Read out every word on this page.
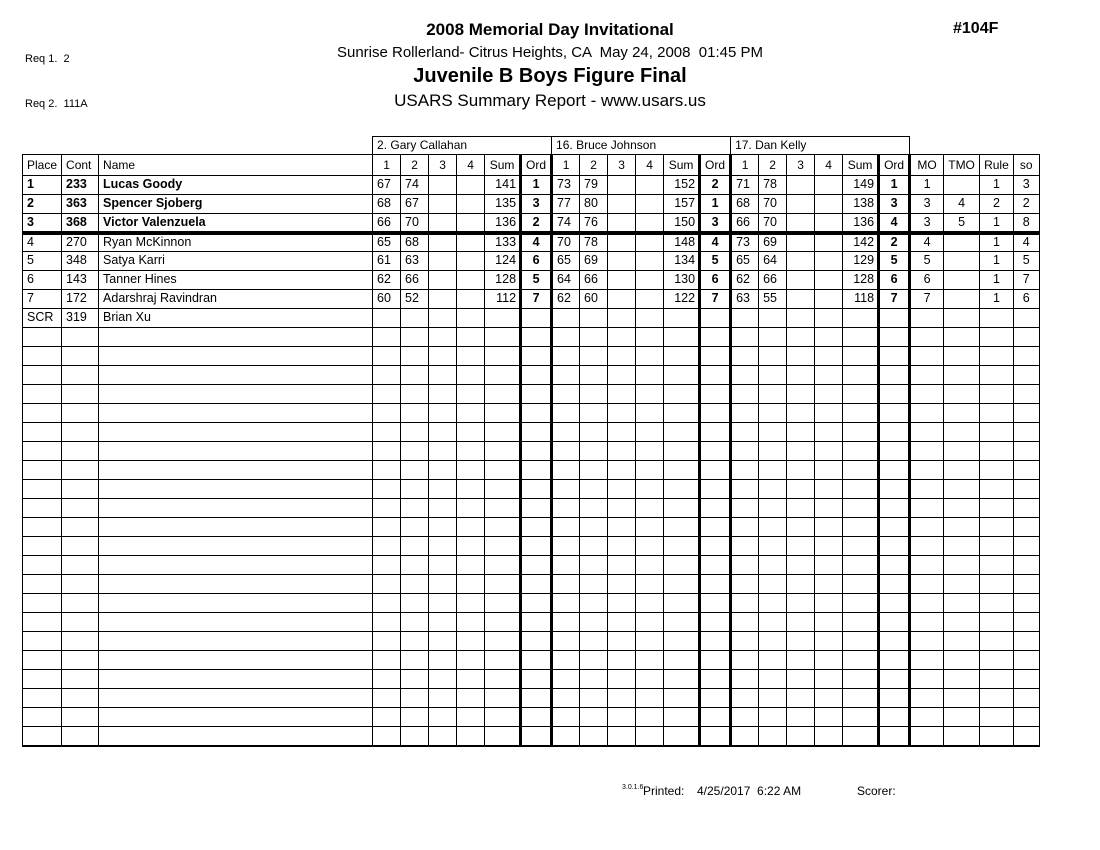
Req 1.  2

Req 2.  111A

#104F
2008 Memorial Day Invitational
Sunrise Rollerland- Citrus Heights, CA  May 24, 2008  01:45 PM
Juvenile B Boys Figure Final
USARS Summary Report - www.usars.us
			2. Gary Callahan						16. Bruce Johnson						17. Dan Kelly									
Place	Cont	Name	1	2	3	4	Sum	Ord	1	2	3	4	Sum	Ord	1	2	3	4	Sum	Ord	MO	TMO	Rule	so
1	233	Lucas Goody	67	74			141	1	73	79			152	2	71	78			149	1	1		1	3
2	363	Spencer Sjoberg	68	67			135	3	77	80			157	1	68	70			138	3	3	4	2	2
3	368	Victor Valenzuela	66	70			136	2	74	76			150	3	66	70			136	4	3	5	1	8
4	270	Ryan McKinnon	65	68			133	4	70	78			148	4	73	69			142	2	4		1	4
5	348	Satya Karri	61	63			124	6	65	69			134	5	65	64			129	5	5		1	5
6	143	Tanner Hines	62	66			128	5	64	66			130	6	62	66			128	6	6		1	7
7	172	Adarshraj Ravindran	60	52			112	7	62	60			122	7	63	55			118	7	7		1	6
SCR	319	Brian Xu																						

3.0.1.6 Printed: 4/25/2017  6:22 AM	Scorer:
